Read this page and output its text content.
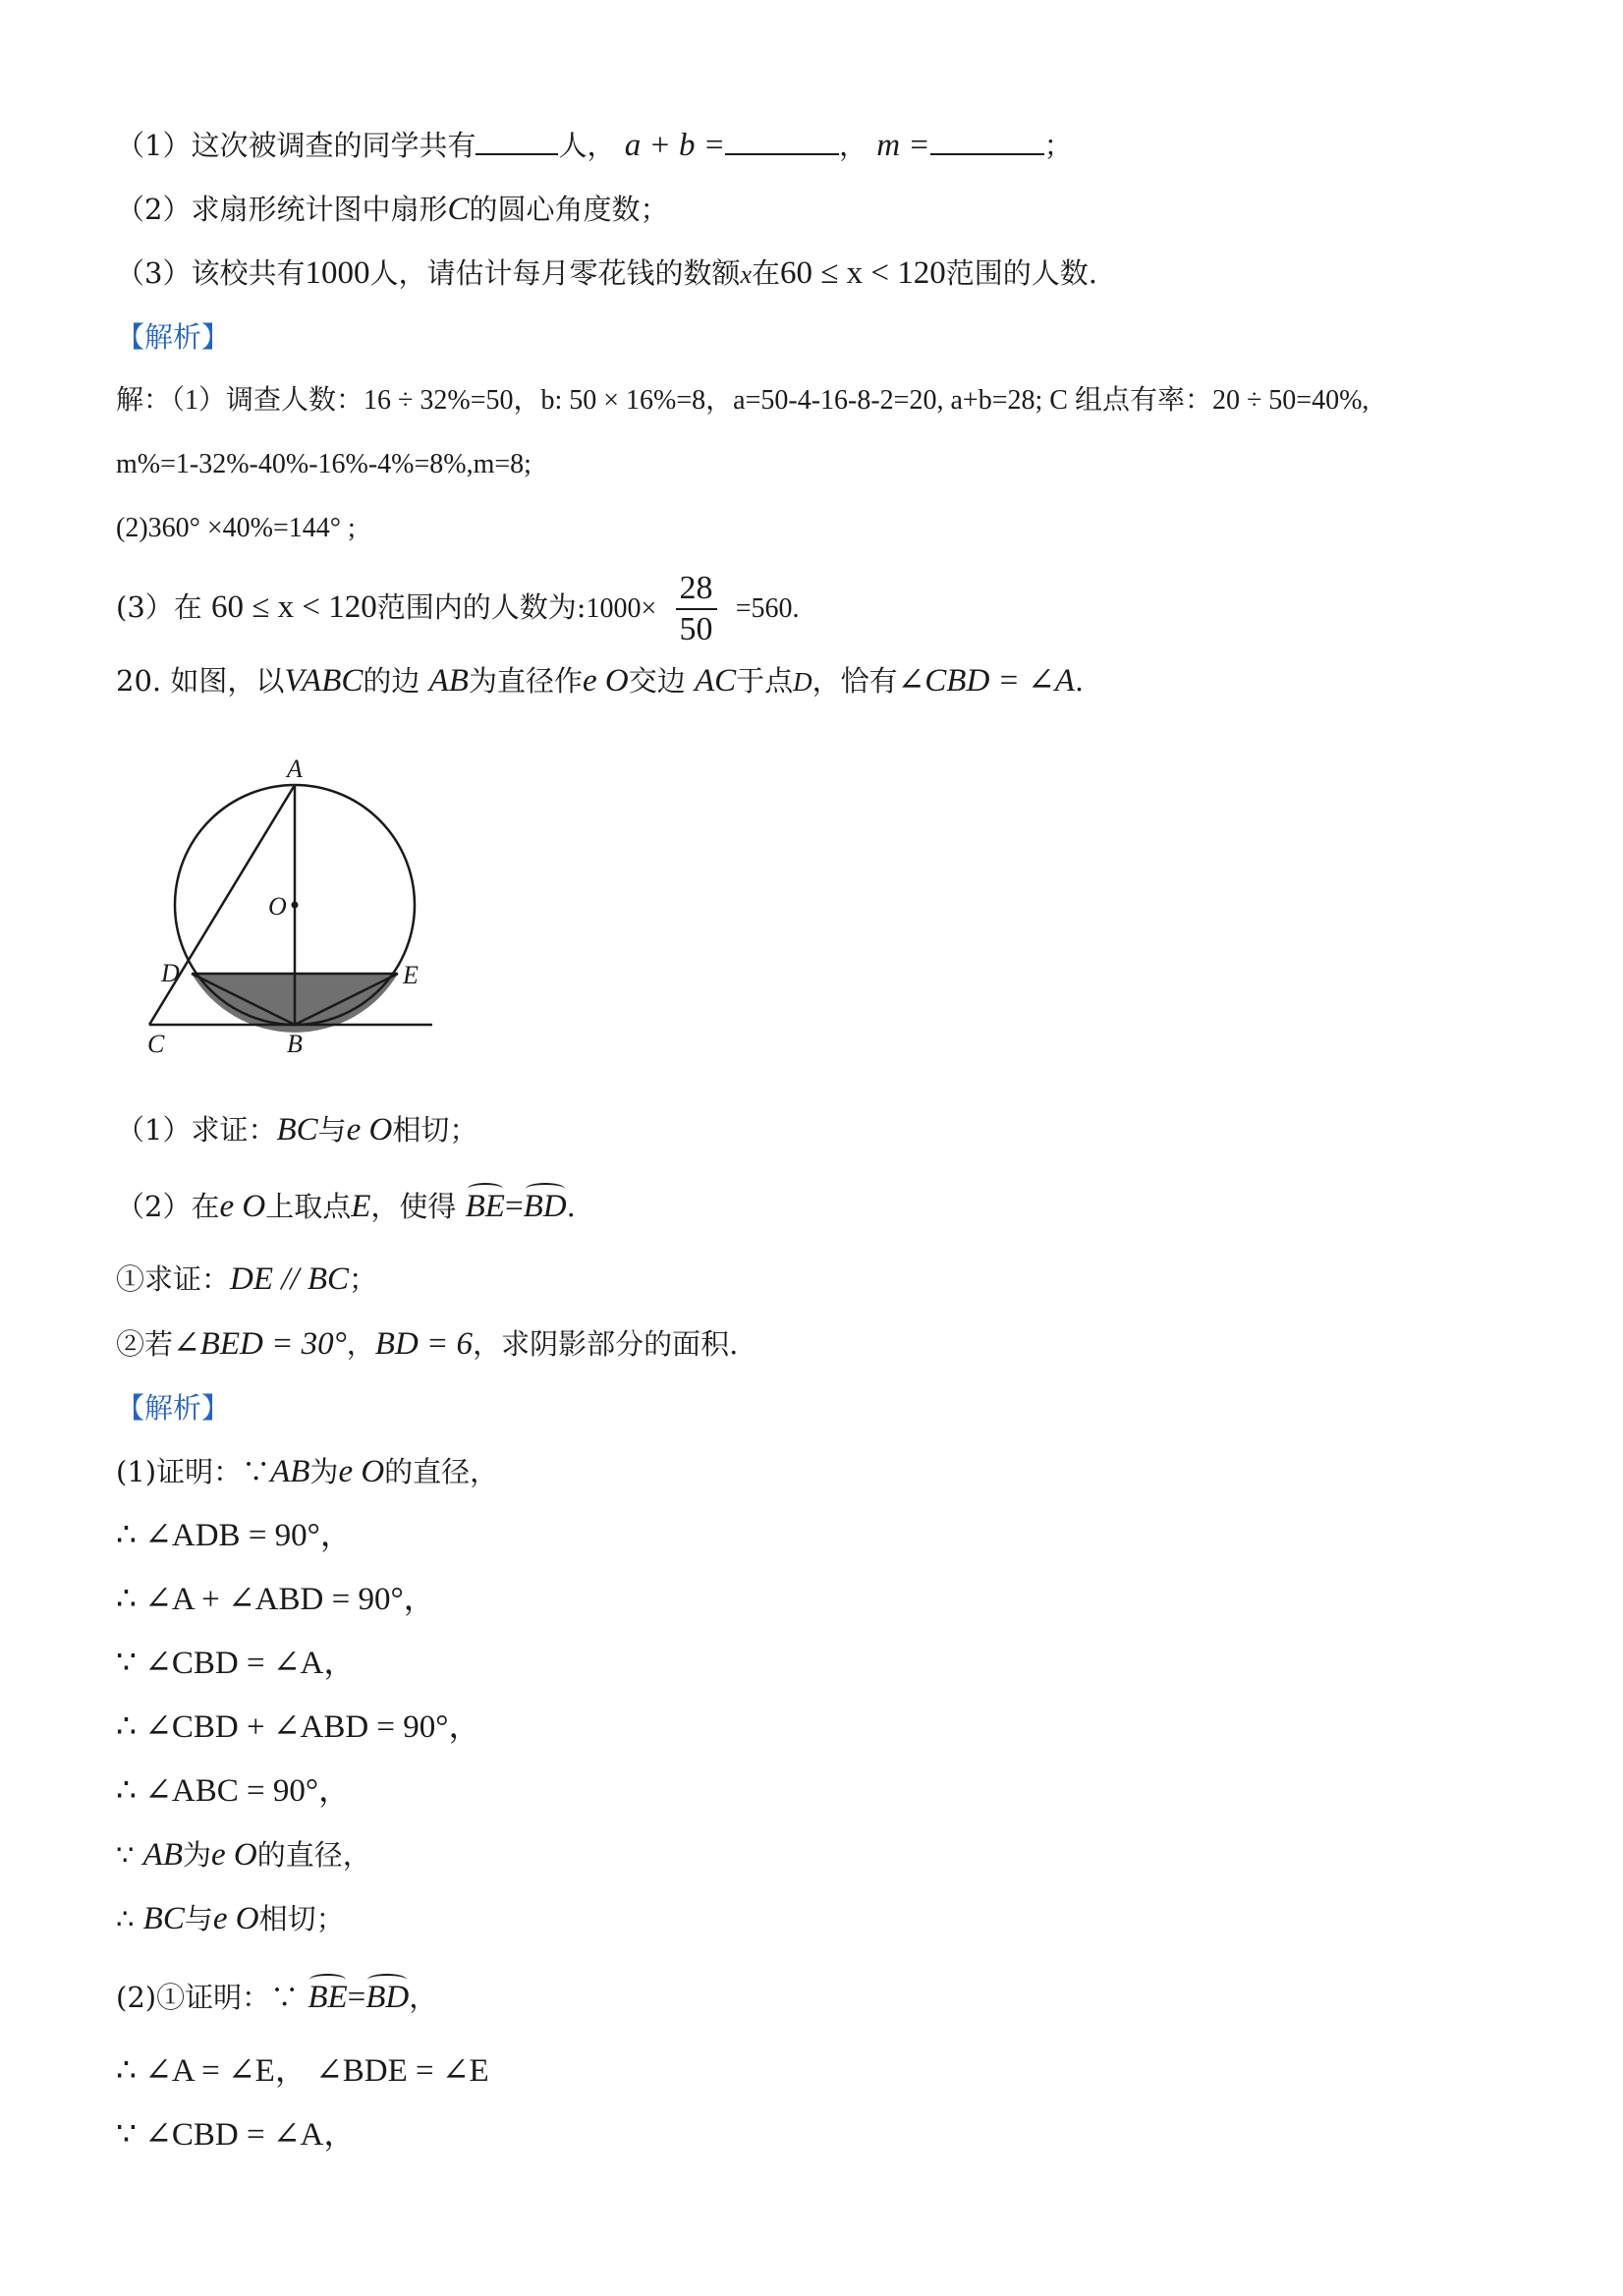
（1）这次被调查的同学共有	人， a + b =	， m =	；
（2）求扇形统计图中扇形C的圆心角度数；
（3）该校共有1000人，请估计每月零花钱的数额x在60 ≤ x < 120范围的人数.
【解析】
解：（1）调查人数：16 ÷ 32%=50，b: 50 × 16%=8，a=50-4-16-8-2=20, a+b=28; C 组点有率：20 ÷ 50=40%,
m%=1-32%-40%-16%-4%=8%,m=8;
(2)360° ×40%=144° ;
(3）在 60 ≤ x < 120范围内的人数为:1000× $\frac{28}{50} =560$.
20. 如图，以VABC的边 AB为直径作e O交边 AC于点D，恰有∠CBD = ∠A.
A
O
D	E
C	B
（1）求证：BC与e O相切；
（2）在e O上取点E，使得 BE=BD.
①求证：DE // BC；
②若∠BED = 30°，BD = 6，求阴影部分的面积.
【解析】
(1)证明：∵AB为e O的直径，
∴ ∠ADB = 90°，
∴ ∠A + ∠ABD = 90°，
∵ ∠CBD = ∠A，
∴ ∠CBD + ∠ABD = 90°，
∴ ∠ABC = 90°，
∵ AB为e O的直径，
∴ BC与e O相切；
(2)①证明：∵ BE=BD，
∴ ∠A = ∠E， ∠BDE = ∠E
∵ ∠CBD = ∠A，
